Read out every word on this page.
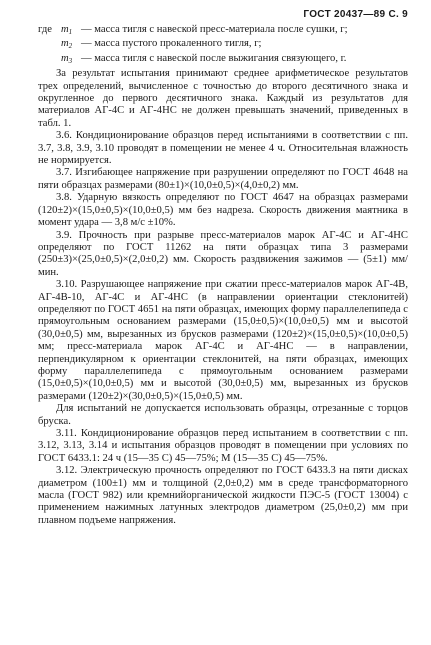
ГОСТ 20437—89 С. 9
где $m_1$ — масса тигля с навеской пресс-материала после сушки, г;
$m_2$ — масса пустого прокаленного тигля, г;
$m_3$ — масса тигля с навеской после выжигания связующего, г.

За результат испытания принимают среднее арифметическое результатов трех определений, вычисленное с точностью до второго десятичного знака и округленное до первого десятичного знака. Каждый из результатов для материалов АГ-4С и АГ-4НС не должен превышать значений, приведенных в табл. 1.

3.6. Кондиционирование образцов перед испытаниями в соответствии с пп. 3.7, 3.8, 3.9, 3.10 проводят в помещении не менее 4 ч. Относительная влажность не нормируется.

3.7. Изгибающее напряжение при разрушении определяют по ГОСТ 4648 на пяти образцах размерами (80±1)×(10,0±0,5)×(4,0±0,2) мм.

3.8. Ударную вязкость определяют по ГОСТ 4647 на образцах размерами (120±2)×(15,0±0,5)×(10,0±0,5) мм без надреза. Скорость движения маятника в момент удара — 3,8 м/с ±10%.

3.9. Прочность при разрыве пресс-материалов марок АГ-4С и АГ-4НС определяют по ГОСТ 11262 на пяти образцах типа 3 размерами (250±3)×(25,0±0,5)×(2,0±0,2) мм. Скорость раздвижения зажимов — (5±1) мм/мин.

3.10. Разрушающее напряжение при сжатии пресс-материалов марок АГ-4В, АГ-4В-10, АГ-4С и АГ-4НС (в направлении ориентации стеклонитей) определяют по ГОСТ 4651 на пяти образцах, имеющих форму параллелепипеда с прямоугольным основанием размерами (15,0±0,5)×(10,0±0,5) мм и высотой (30,0±0,5) мм, вырезанных из брусков размерами (120±2)×(15,0±0,5)×(10,0±0,5) мм; пресс-материала марок АГ-4С и АГ-4НС — в направлении, перпендикулярном к ориентации стеклонитей, на пяти образцах, имеющих форму параллелепипеда с прямоугольным основанием размерами (15,0±0,5)×(10,0±0,5) мм и высотой (30,0±0,5) мм, вырезанных из брусков размерами (120±2)×(30,0±0,5)×(15,0±0,5) мм.

Для испытаний не допускается использовать образцы, отрезанные с торцов бруска.

3.11. Кондиционирование образцов перед испытанием в соответствии с пп. 3.12, 3.13, 3.14 и испытания образцов проводят в помещении при условиях по ГОСТ 6433.1: 24 ч (15—35 С) 45—75%; М (15—35 С) 45—75%.

3.12. Электрическую прочность определяют по ГОСТ 6433.3 на пяти дисках диаметром (100±1) мм и толщиной (2,0±0,2) мм в среде трансформаторного масла (ГОСТ 982) или кремнийорганической жидкости ПЭС-5 (ГОСТ 13004) с применением нажимных латунных электродов диаметром (25,0±0,2) мм при плавном подъеме напряжения.
